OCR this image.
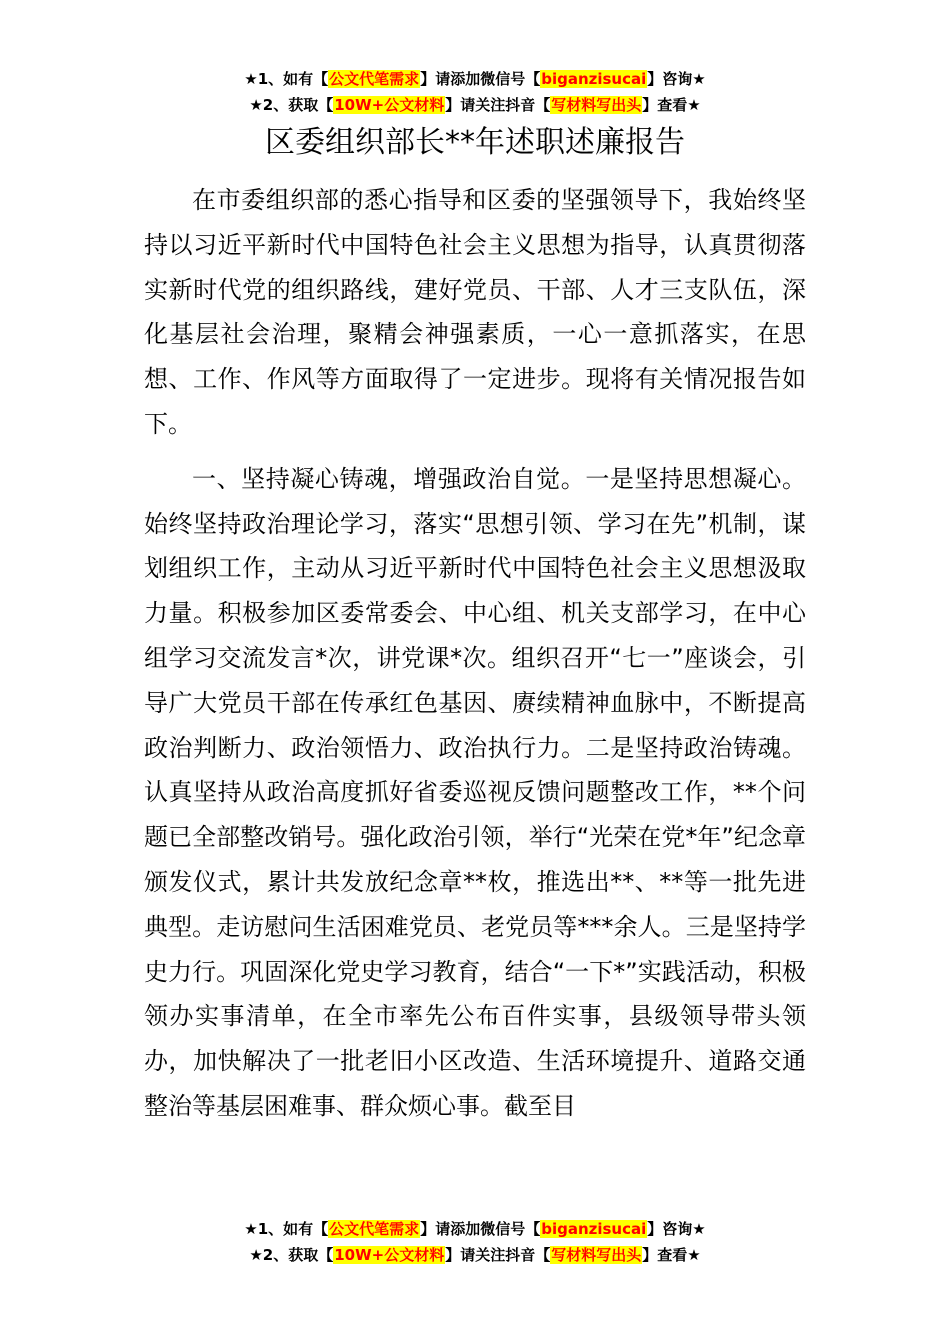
★1、如有【公文代笔需求】请添加微信号【biganzisucai】咨询★
★2、获取【10W+公文材料】请关注抖音【写材料写出头】查看★
区委组织部长**年述职述廉报告

在市委组织部的悉心指导和区委的坚强领导下，我始终坚持以习近平新时代中国特色社会主义思想为指导，认真贯彻落实新时代党的组织路线，建好党员、干部、人才三支队伍，深化基层社会治理，聚精会神强素质，一心一意抓落实，在思想、工作、作风等方面取得了一定进步。现将有关情况报告如下。

一、坚持凝心铸魂，增强政治自觉。一是坚持思想凝心。始终坚持政治理论学习，落实“思想引领、学习在先”机制，谋划组织工作，主动从习近平新时代中国特色社会主义思想汲取力量。积极参加区委常委会、中心组、机关支部学习，在中心组学习交流发言*次，讲党课*次。组织召开“七一”座谈会，引导广大党员干部在传承红色基因、赓续精神血脉中，不断提高政治判断力、政治领悟力、政治执行力。二是坚持政治铸魂。认真坚持从政治高度抓好省委巡视反馈问题整改工作，**个问题已全部整改销号。强化政治引领，举行“光荣在党*年”纪念章颁发仪式，累计共发放纪念章**枚，推选出**、**等一批先进典型。走访慰问生活困难党员、老党员等***余人。三是坚持学史力行。巩固深化党史学习教育，结合“一下*”实践活动，积极领办实事清单，在全市率先公布百件实事，县级领导带头领办，加快解决了一批老旧小区改造、生活环境提升、道路交通整治等基层困难事、群众烦心事。截至目

★1、如有【公文代笔需求】请添加微信号【biganzisucai】咨询★
★2、获取【10W+公文材料】请关注抖音【写材料写出头】查看★
